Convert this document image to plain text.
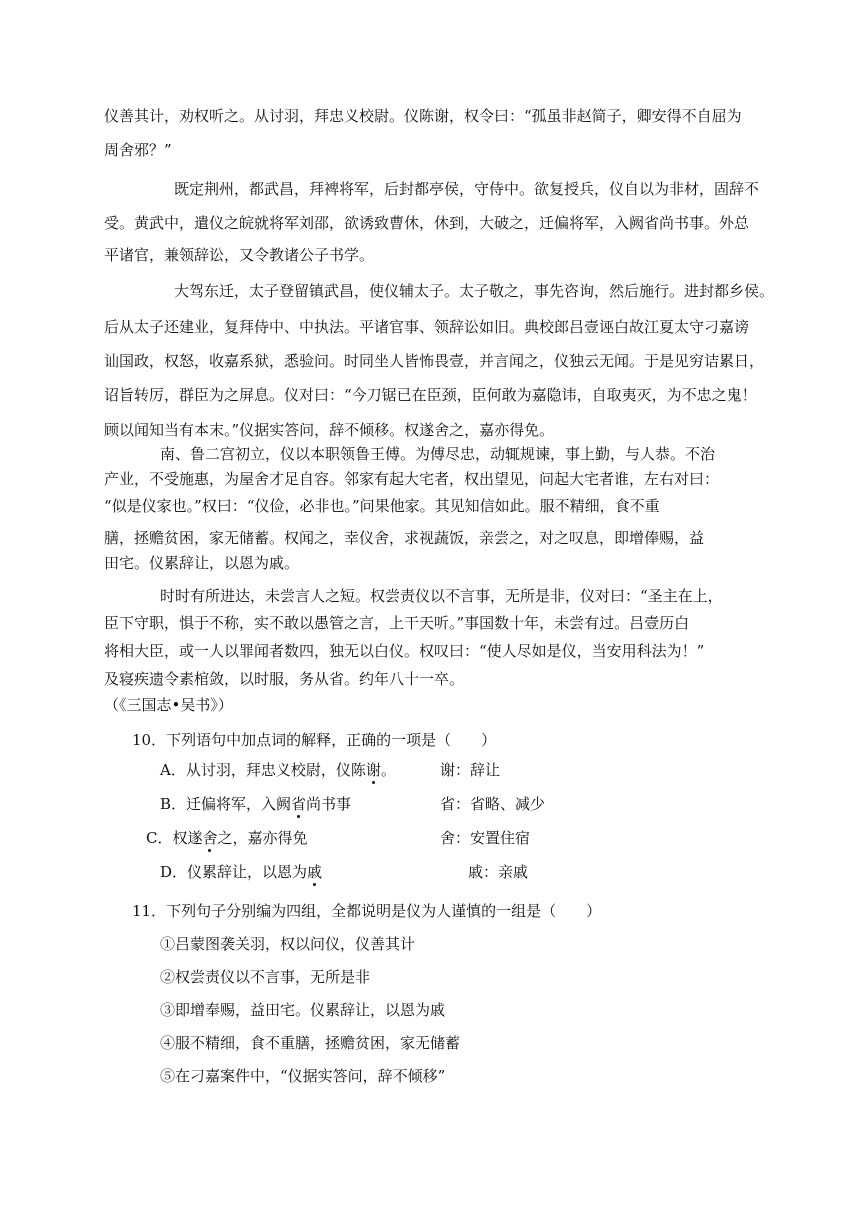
仪善其计，劝权听之。从讨羽，拜忠义校尉。仪陈谢，权令曰：“孤虽非赵简子，卿安得不自屈为
周舍邪？”
既定荆州，都武昌，拜裨将军，后封都亭侯，守侍中。欲复授兵，仪自以为非材，固辞不
受。黄武中，遣仪之皖就将军刘邵，欲诱致曹休，休到，大破之，迁偏将军，入阙省尚书事。外总
平诸官，兼领辞讼，又令教诸公子书学。
大驾东迁，太子登留镇武昌，使仪辅太子。太子敬之，事先咨询，然后施行。进封都乡侯。
后从太子还建业，复拜侍中、中执法。平诸官事、领辞讼如旧。典校郎吕壹诬白故江夏太守刁嘉谤
讪国政，权怒，收嘉系狱，悉验问。时同坐人皆怖畏壹，并言闻之，仪独云无闻。于是见穷诘累日，
诏旨转厉，群臣为之屏息。仪对曰：“今刀锯已在臣颈，臣何敢为嘉隐讳，自取夷灭，为不忠之鬼！
顾以闻知当有本末。”仪据实答问，辞不倾移。权遂舍之，嘉亦得免。
南、鲁二宫初立，仪以本职领鲁王傅。为傅尽忠，动辄规谏，事上勤，与人恭。不治
产业，不受施惠，为屋舍才足自容。邻家有起大宅者，权出望见，问起大宅者谁，左右对曰：
“似是仪家也。”权曰：“仪俭，必非也。”问果他家。其见知信如此。服不精细，食不重
膳，拯赡贫困，家无储蓄。权闻之，幸仪舍，求视蔬饭，亲尝之，对之叹息，即增俸赐，益
田宅。仪累辞让，以恩为戚。
时时有所进达，未尝言人之短。权尝责仪以不言事，无所是非，仪对曰：“圣主在上，
臣下守职，惧于不称，实不敢以愚管之言，上干天听。”事国数十年，未尝有过。吕壹历白
将相大臣，或一人以罪闻者数四，独无以白仪。权叹曰：“使人尽如是仪，当安用科法为！”
及寝疾遗令素棺敛，以时服，务从省。约年八十一卒。
（《三国志•吴书》）
10．下列语句中加点词的解释，正确的一项是（　　）
A．从讨羽，拜忠义校尉，仪陈谢。	谢：辞让
B．迁偏将军，入阙省尚书事	省：省略、减少
C．权遂舍之，嘉亦得免	舍：安置住宿
D．仪累辞让，以恩为戚	戚：亲戚
11．下列句子分别编为四组，全都说明是仪为人谨慎的一组是（　　）
①吕蒙图袭关羽，权以问仪，仪善其计
②权尝责仪以不言事，无所是非
③即增奉赐，益田宅。仪累辞让，以恩为戚
④服不精细，食不重膳，拯赡贫困，家无储蓄
⑤在刁嘉案件中，“仪据实答问，辞不倾移”
